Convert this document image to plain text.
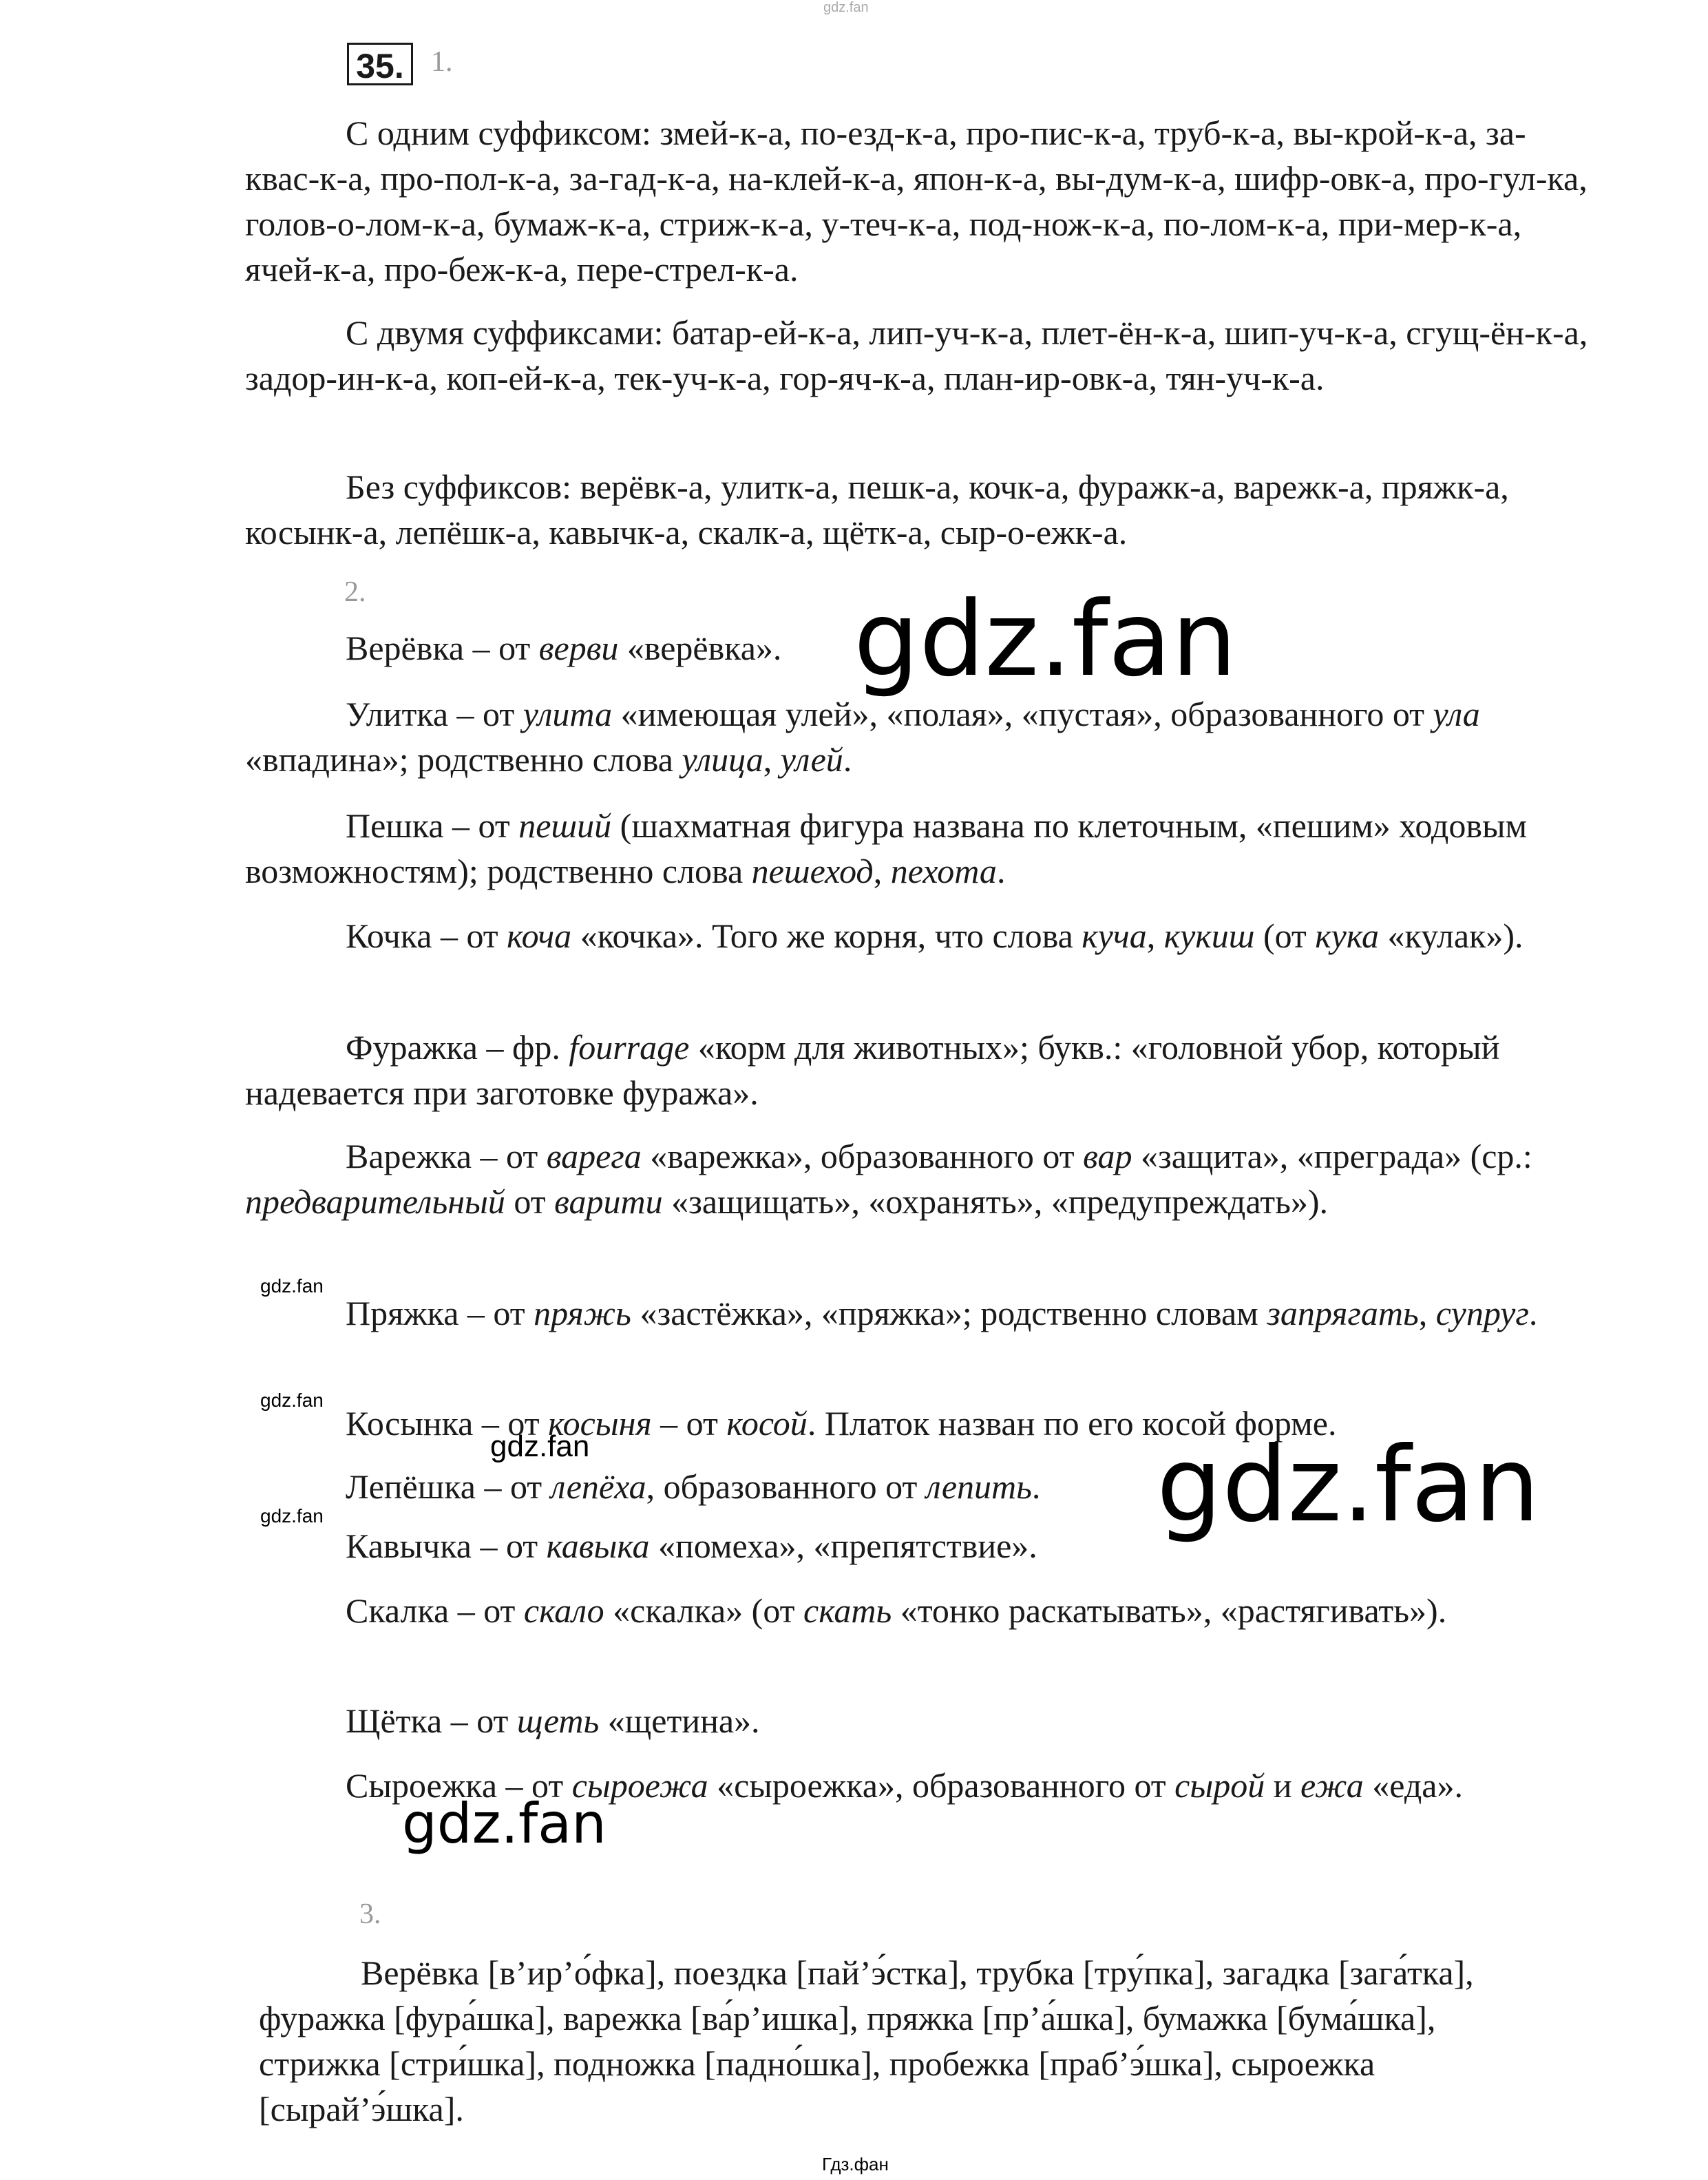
gdz.fan
35. 1.

С одним суффиксом: змей-к-а, по-езд-к-а, про-пис-к-а, труб-к-а, вы-крой-к-а, за-квас-к-а, про-пол-к-а, за-гад-к-а, на-клей-к-а, япон-к-а, вы-дум-к-а, шифр-овк-а, про-гул-ка, голов-о-лом-к-а, бумаж-к-а, стриж-к-а, у-теч-к-а, под-нож-к-а, по-лом-к-а, при-мер-к-а, ячей-к-а, про-беж-к-а, пере-стрел-к-а.

С двумя суффиксами: батар-ей-к-а, лип-уч-к-а, плет-ён-к-а, шип-уч-к-а, сгущ-ён-к-а, задор-ин-к-а, коп-ей-к-а, тек-уч-к-а, гор-яч-к-а, план-ир-овк-а, тян-уч-к-а.

Без суффиксов: верёвк-а, улитк-а, пешк-а, кочк-а, фуражк-а, варежк-а, пряжк-а, косынк-а, лепёшк-а, кавычк-а, скалк-а, щётк-а, сыр-о-ежк-а.

2.

Верёвка – от верви «верёвка».

Улитка – от улита «имеющая улей», «полая», «пустая», образованного от ула «впадина»; родственно слова улица, улей.

Пешка – от пеший (шахматная фигура названа по клеточным, «пешим» ходовым возможностям); родственно слова пешеход, пехота.

Кочка – от коча «кочка». Того же корня, что слова куча, кукиш (от кука «кулак»).

Фуражка – фр. fourrage «корм для животных»; букв.: «головной убор, который надевается при заготовке фуража».

Варежка – от варега «варежка», образованного от вар «защита», «преграда» (ср.: предварительный от варити «защищать», «охранять», «предупреждать»).

Пряжка – от пряжь «застёжка», «пряжка»; родственно словам запрягать, супруг.

Косынка – от косыня – от косой. Платок назван по его косой форме.

Лепёшка – от лепёха, образованного от лепить.

Кавычка – от кавыка «помеха», «препятствие».

Скалка – от скало «скалка» (от скать «тонко раскатывать», «растягивать»).

Щётка – от щеть «щетина».

Сыроежка – от сыроежа «сыроежка», образованного от сырой и ежа «еда».

3.

Верёвка [в’ир’о́фка], поездка [пай’э́стка], трубка [тру́пка], загадка [зага́тка], фуражка [фура́шка], варежка [ва́р’ишка], пряжка [пр’а́шка], бумажка [бума́шка], стрижка [стри́шка], подножка [падно́шка], пробежка [праб’э́шка], сыроежка [сырай’э́шка].

gdz.fan
gdz.fan
gdz.fan
gdz.fan
gdz.fan
gdz.fan
gdz.fan
Гдз.фан
